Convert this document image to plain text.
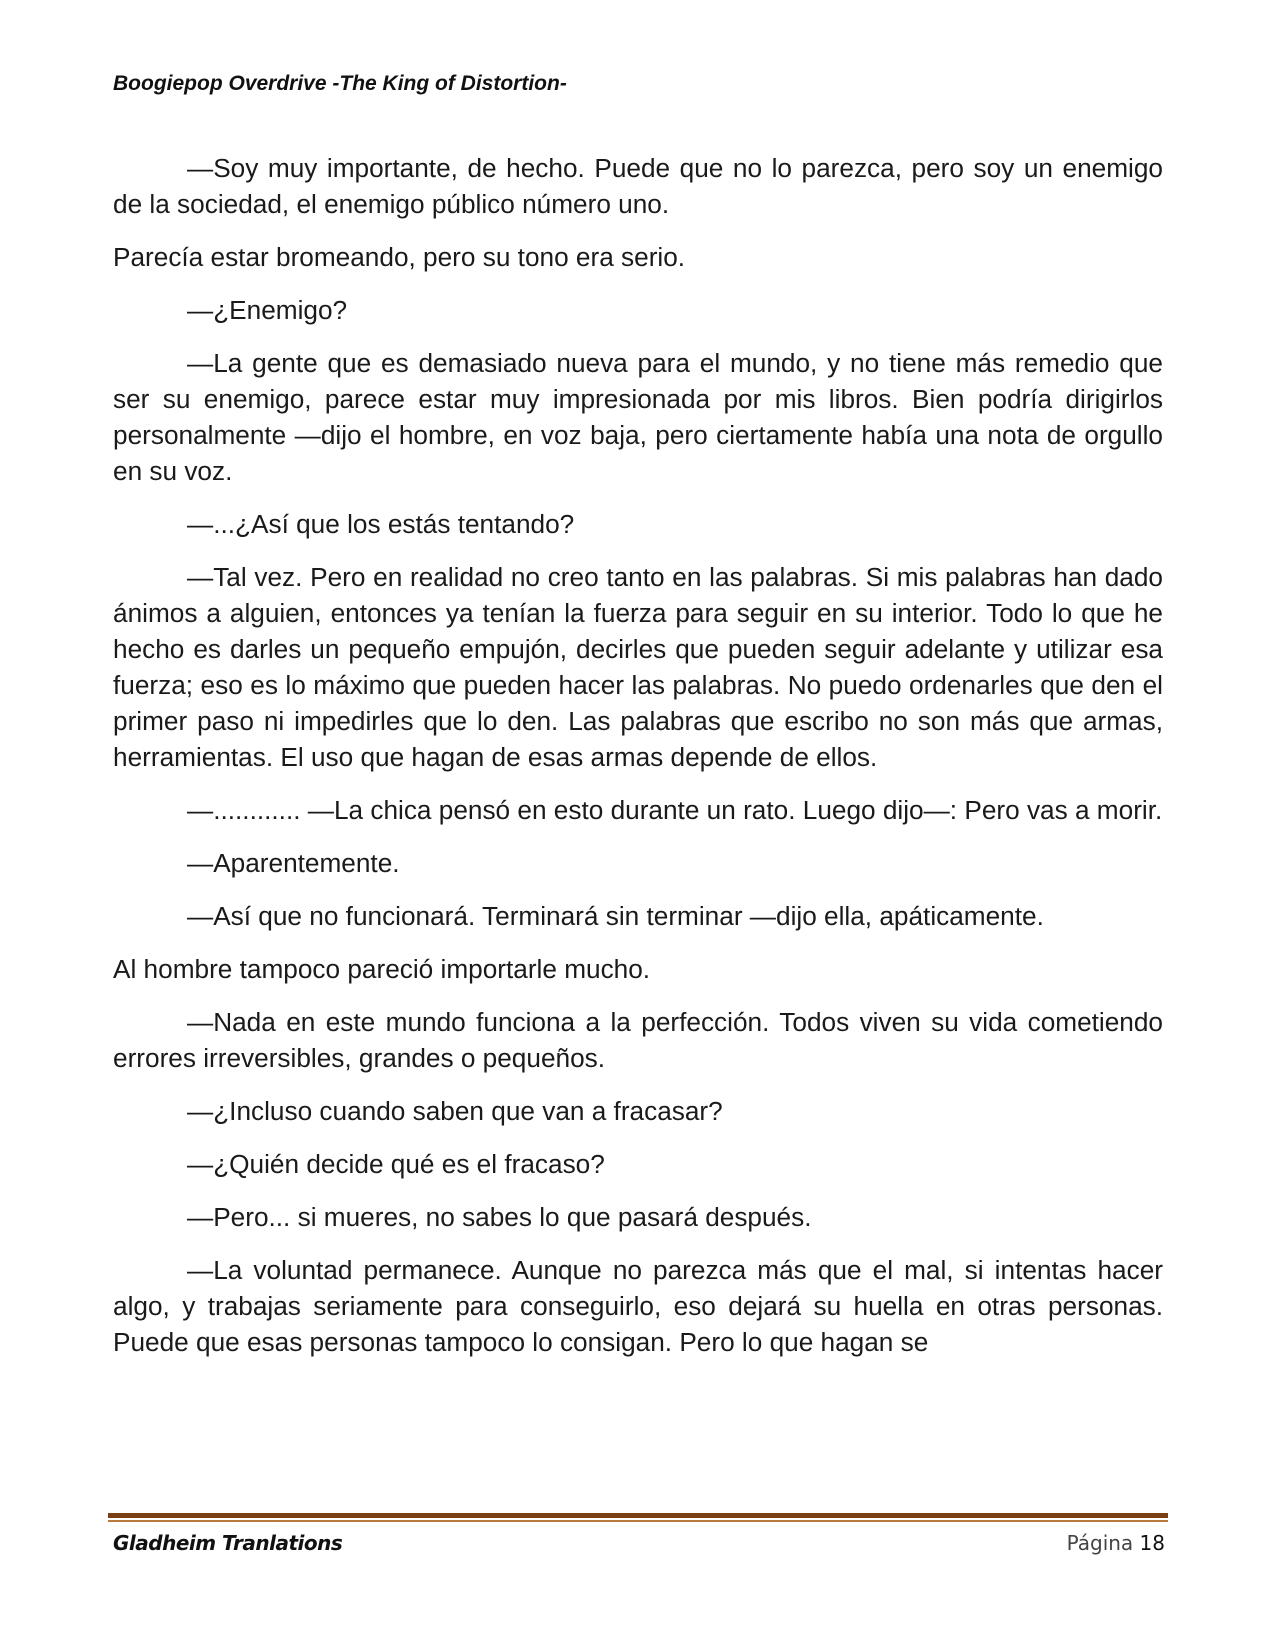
Boogiepop Overdrive -The King of Distortion-

—Soy muy importante, de hecho. Puede que no lo parezca, pero soy un enemigo de la sociedad, el enemigo público número uno.

Parecía estar bromeando, pero su tono era serio.

—¿Enemigo?

—La gente que es demasiado nueva para el mundo, y no tiene más remedio que ser su enemigo, parece estar muy impresionada por mis libros. Bien podría dirigirlos personalmente —dijo el hombre, en voz baja, pero ciertamente había una nota de orgullo en su voz.

—...¿Así que los estás tentando?

—Tal vez. Pero en realidad no creo tanto en las palabras. Si mis palabras han dado ánimos a alguien, entonces ya tenían la fuerza para seguir en su interior. Todo lo que he hecho es darles un pequeño empujón, decirles que pueden seguir adelante y utilizar esa fuerza; eso es lo máximo que pueden hacer las palabras. No puedo ordenarles que den el primer paso ni impedirles que lo den. Las palabras que escribo no son más que armas, herramientas. El uso que hagan de esas armas depende de ellos.

—............ —La chica pensó en esto durante un rato. Luego dijo—: Pero vas a morir.

—Aparentemente.

—Así que no funcionará. Terminará sin terminar —dijo ella, apáticamente.

Al hombre tampoco pareció importarle mucho.

—Nada en este mundo funciona a la perfección. Todos viven su vida cometiendo errores irreversibles, grandes o pequeños.

—¿Incluso cuando saben que van a fracasar?

—¿Quién decide qué es el fracaso?

—Pero... si mueres, no sabes lo que pasará después.

—La voluntad permanece. Aunque no parezca más que el mal, si intentas hacer algo, y trabajas seriamente para conseguirlo, eso dejará su huella en otras personas. Puede que esas personas tampoco lo consigan. Pero lo que hagan se

Gladheim Tranlations	Página 18
